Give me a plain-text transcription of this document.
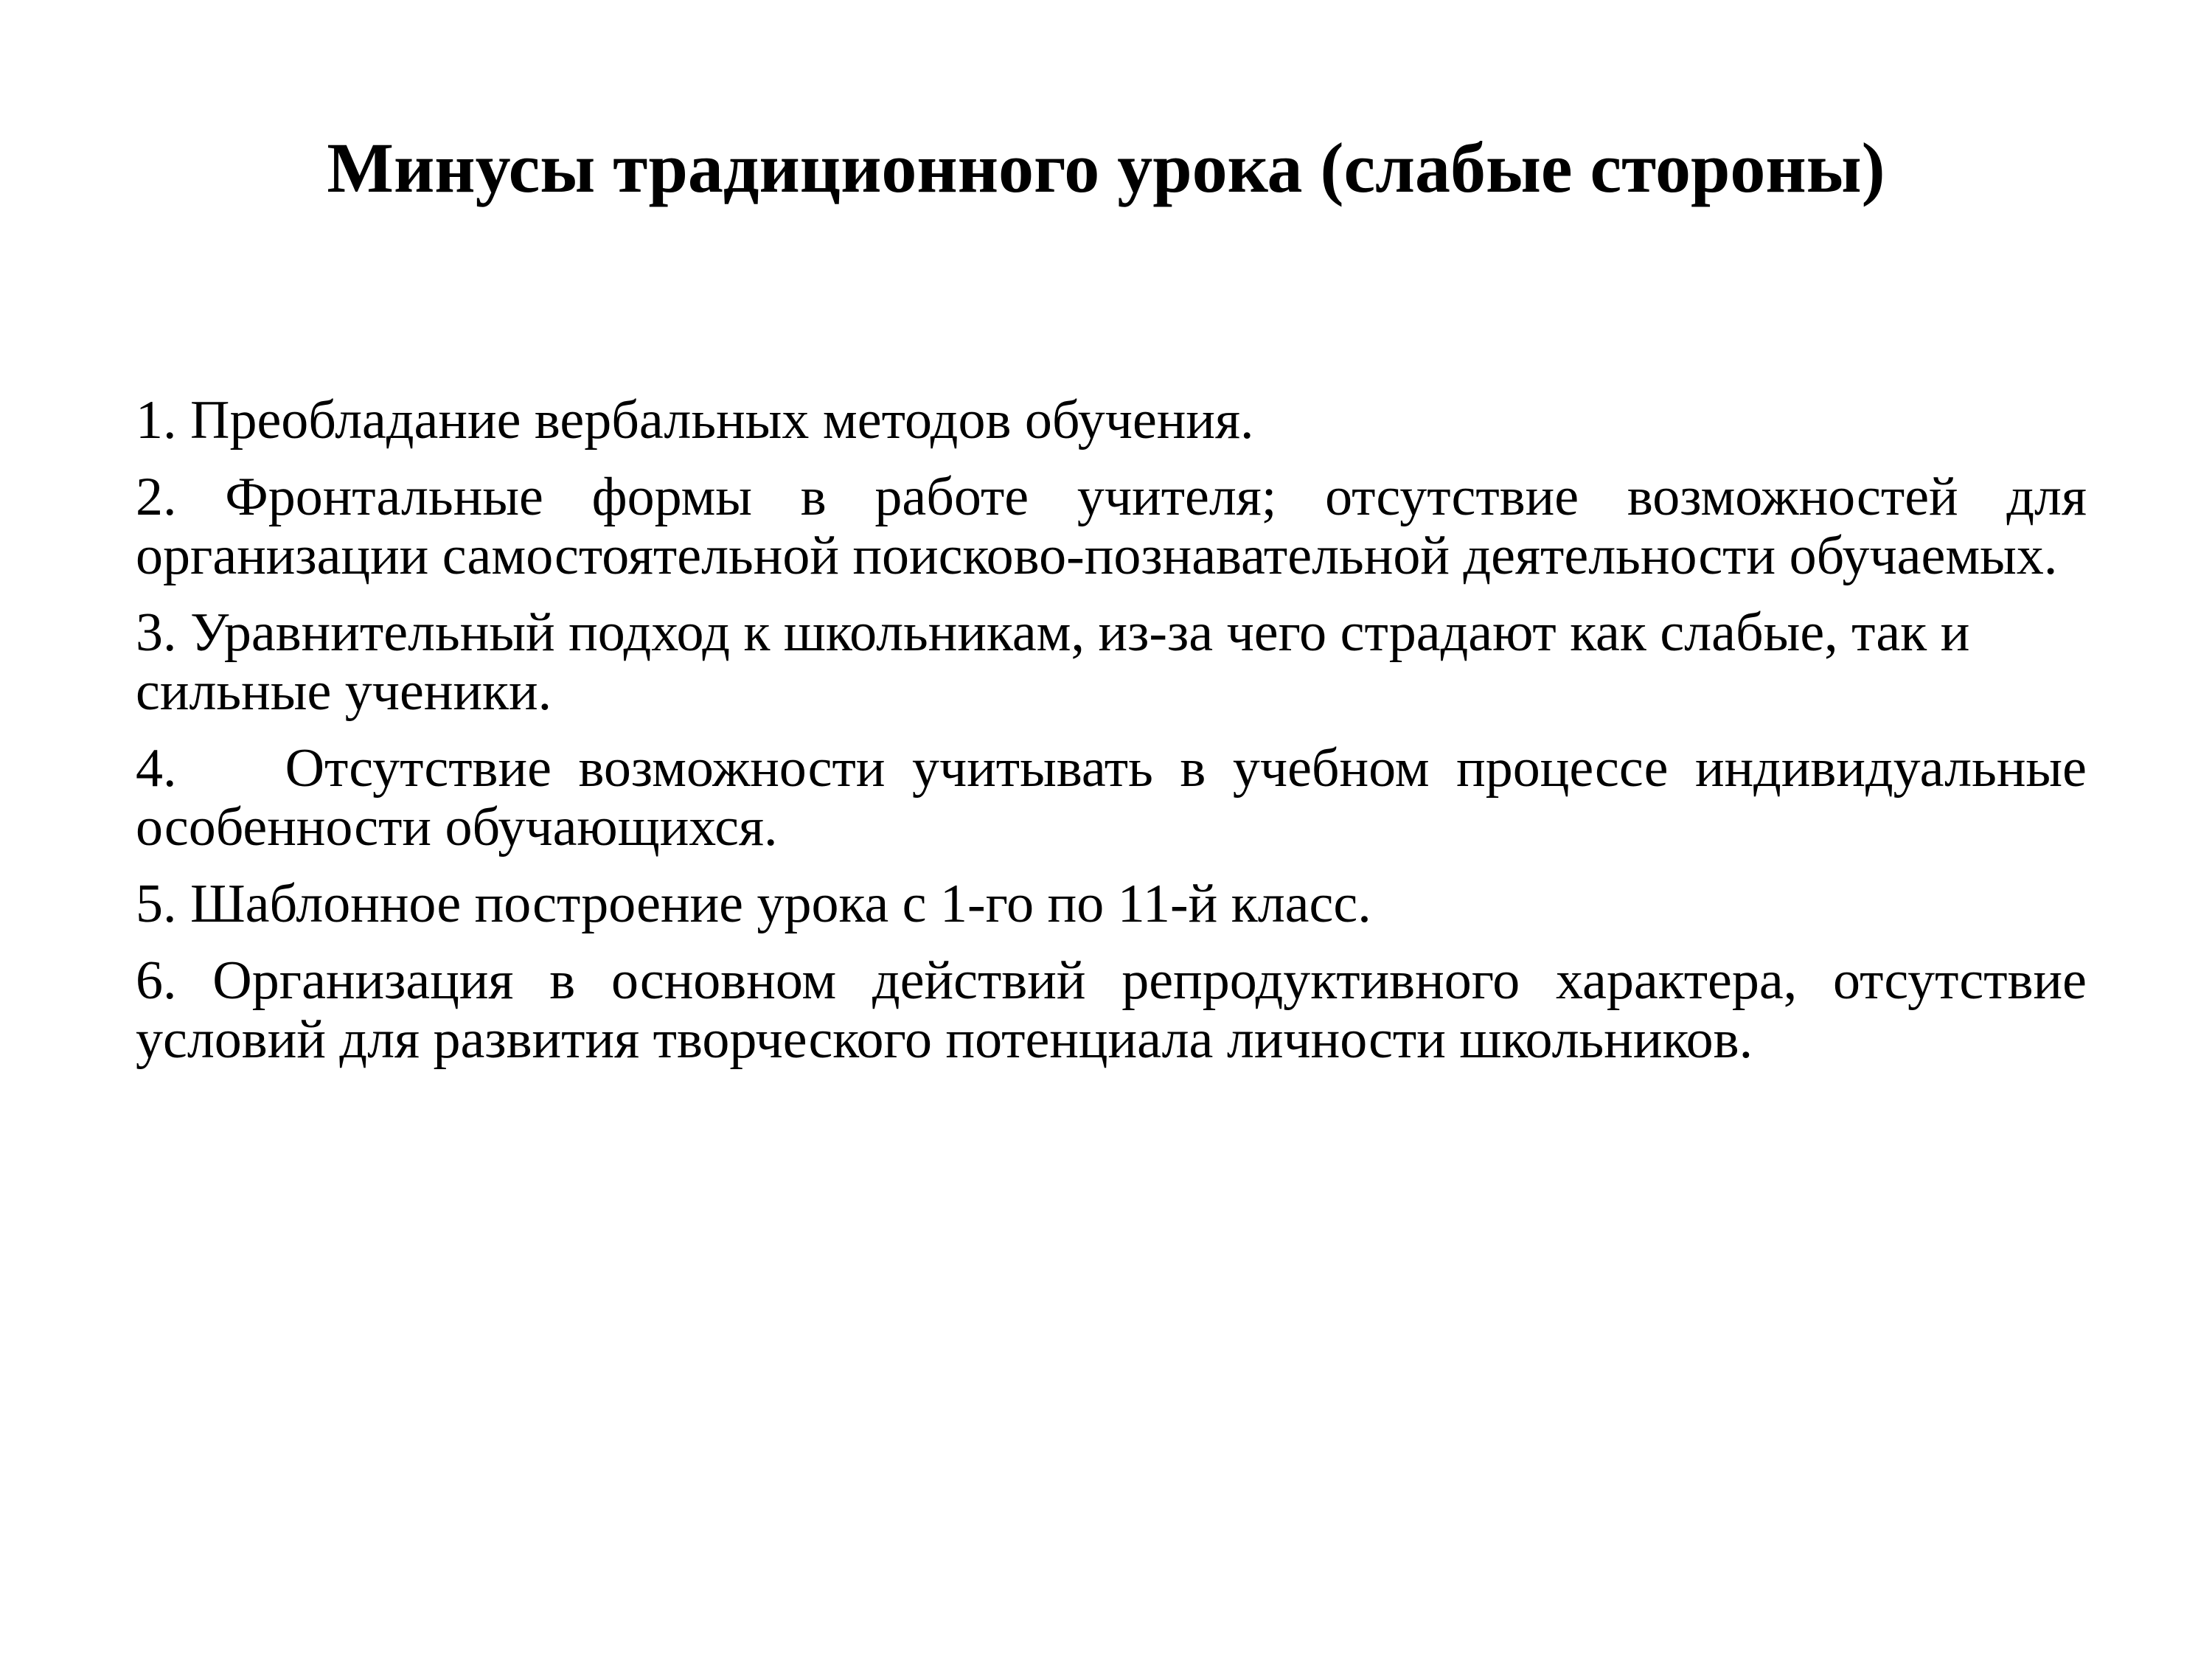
Минусы традиционного урока (слабые стороны)
1. Преобладание вербальных методов обучения.
2. Фронтальные формы в работе учителя; отсутствие возможностей для организации самостоятельной поисково-познавательной деятельности обучаемых.
3. Уравнительный подход к школьникам, из-за чего страдают как слабые, так и сильные ученики.
4.   Отсутствие возможности учитывать в учебном процессе индивидуальные особенности обучающихся.
5. Шаблонное построение урока с 1-го по 11-й класс.
6. Организация в основном действий репродуктивного характера, отсутствие условий для развития творческого потенциала личности школьников.
